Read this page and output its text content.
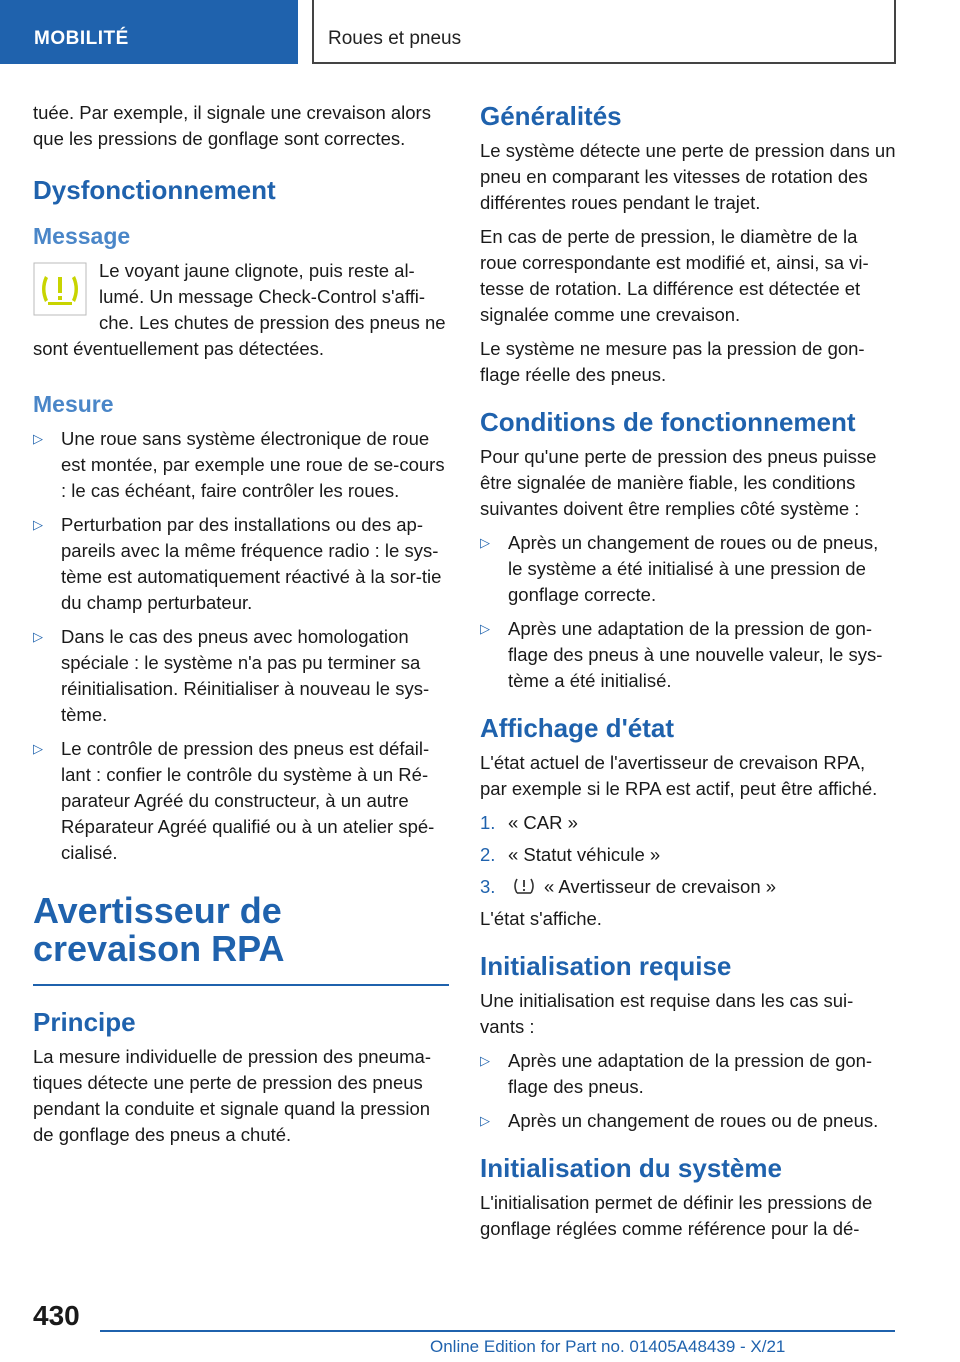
MOBILITÉ	Roues et pneus

tuée. Par exemple, il signale une crevaison alors que les pressions de gonflage sont correctes.

Dysfonctionnement
Message

Le voyant jaune clignote, puis reste al-lumé. Un message Check-Control s'affi-che. Les chutes de pression des pneus ne sont éventuellement pas détectées.

Mesure
▷ Une roue sans système électronique de roue est montée, par exemple une roue de se-cours : le cas échéant, faire contrôler les roues.
▷ Perturbation par des installations ou des ap-pareils avec la même fréquence radio : le sys-tème est automatiquement réactivé à la sor-tie du champ perturbateur.
▷ Dans le cas des pneus avec homologation spéciale : le système n'a pas pu terminer sa réinitialisation. Réinitialiser à nouveau le sys-tème.
▷ Le contrôle de pression des pneus est défail-lant : confier le contrôle du système à un Ré-parateur Agréé du constructeur, à un autre Réparateur Agréé qualifié ou à un atelier spé-cialisé.
Avertisseur de crevaison RPA
Principe

La mesure individuelle de pression des pneuma-tiques détecte une perte de pression des pneus pendant la conduite et signale quand la pression de gonflage des pneus a chuté.

Généralités

Le système détecte une perte de pression dans un pneu en comparant les vitesses de rotation des différentes roues pendant le trajet.

En cas de perte de pression, le diamètre de la roue correspondante est modifié et, ainsi, sa vi-tesse de rotation. La différence est détectée et signalée comme une crevaison.

Le système ne mesure pas la pression de gon-flage réelle des pneus.

Conditions de fonctionnement

Pour qu'une perte de pression des pneus puisse être signalée de manière fiable, les conditions suivantes doivent être remplies côté système :

▷ Après un changement de roues ou de pneus, le système a été initialisé à une pression de gonflage correcte.
▷ Après une adaptation de la pression de gon-flage des pneus à une nouvelle valeur, le sys-tème a été initialisé.
Affichage d'état

L'état actuel de l'avertisseur de crevaison RPA, par exemple si le RPA est actif, peut être affiché.

1. « CAR »
2. « Statut véhicule »
3.	« Avertisseur de crevaison »

L'état s'affiche.

Initialisation requise

Une initialisation est requise dans les cas sui-vants :

▷ Après une adaptation de la pression de gon-flage des pneus.
▷ Après un changement de roues ou de pneus.
Initialisation du système

L'initialisation permet de définir les pressions de gonflage réglées comme référence pour la dé-

430
Online Edition for Part no. 01405A48439 - X/21
